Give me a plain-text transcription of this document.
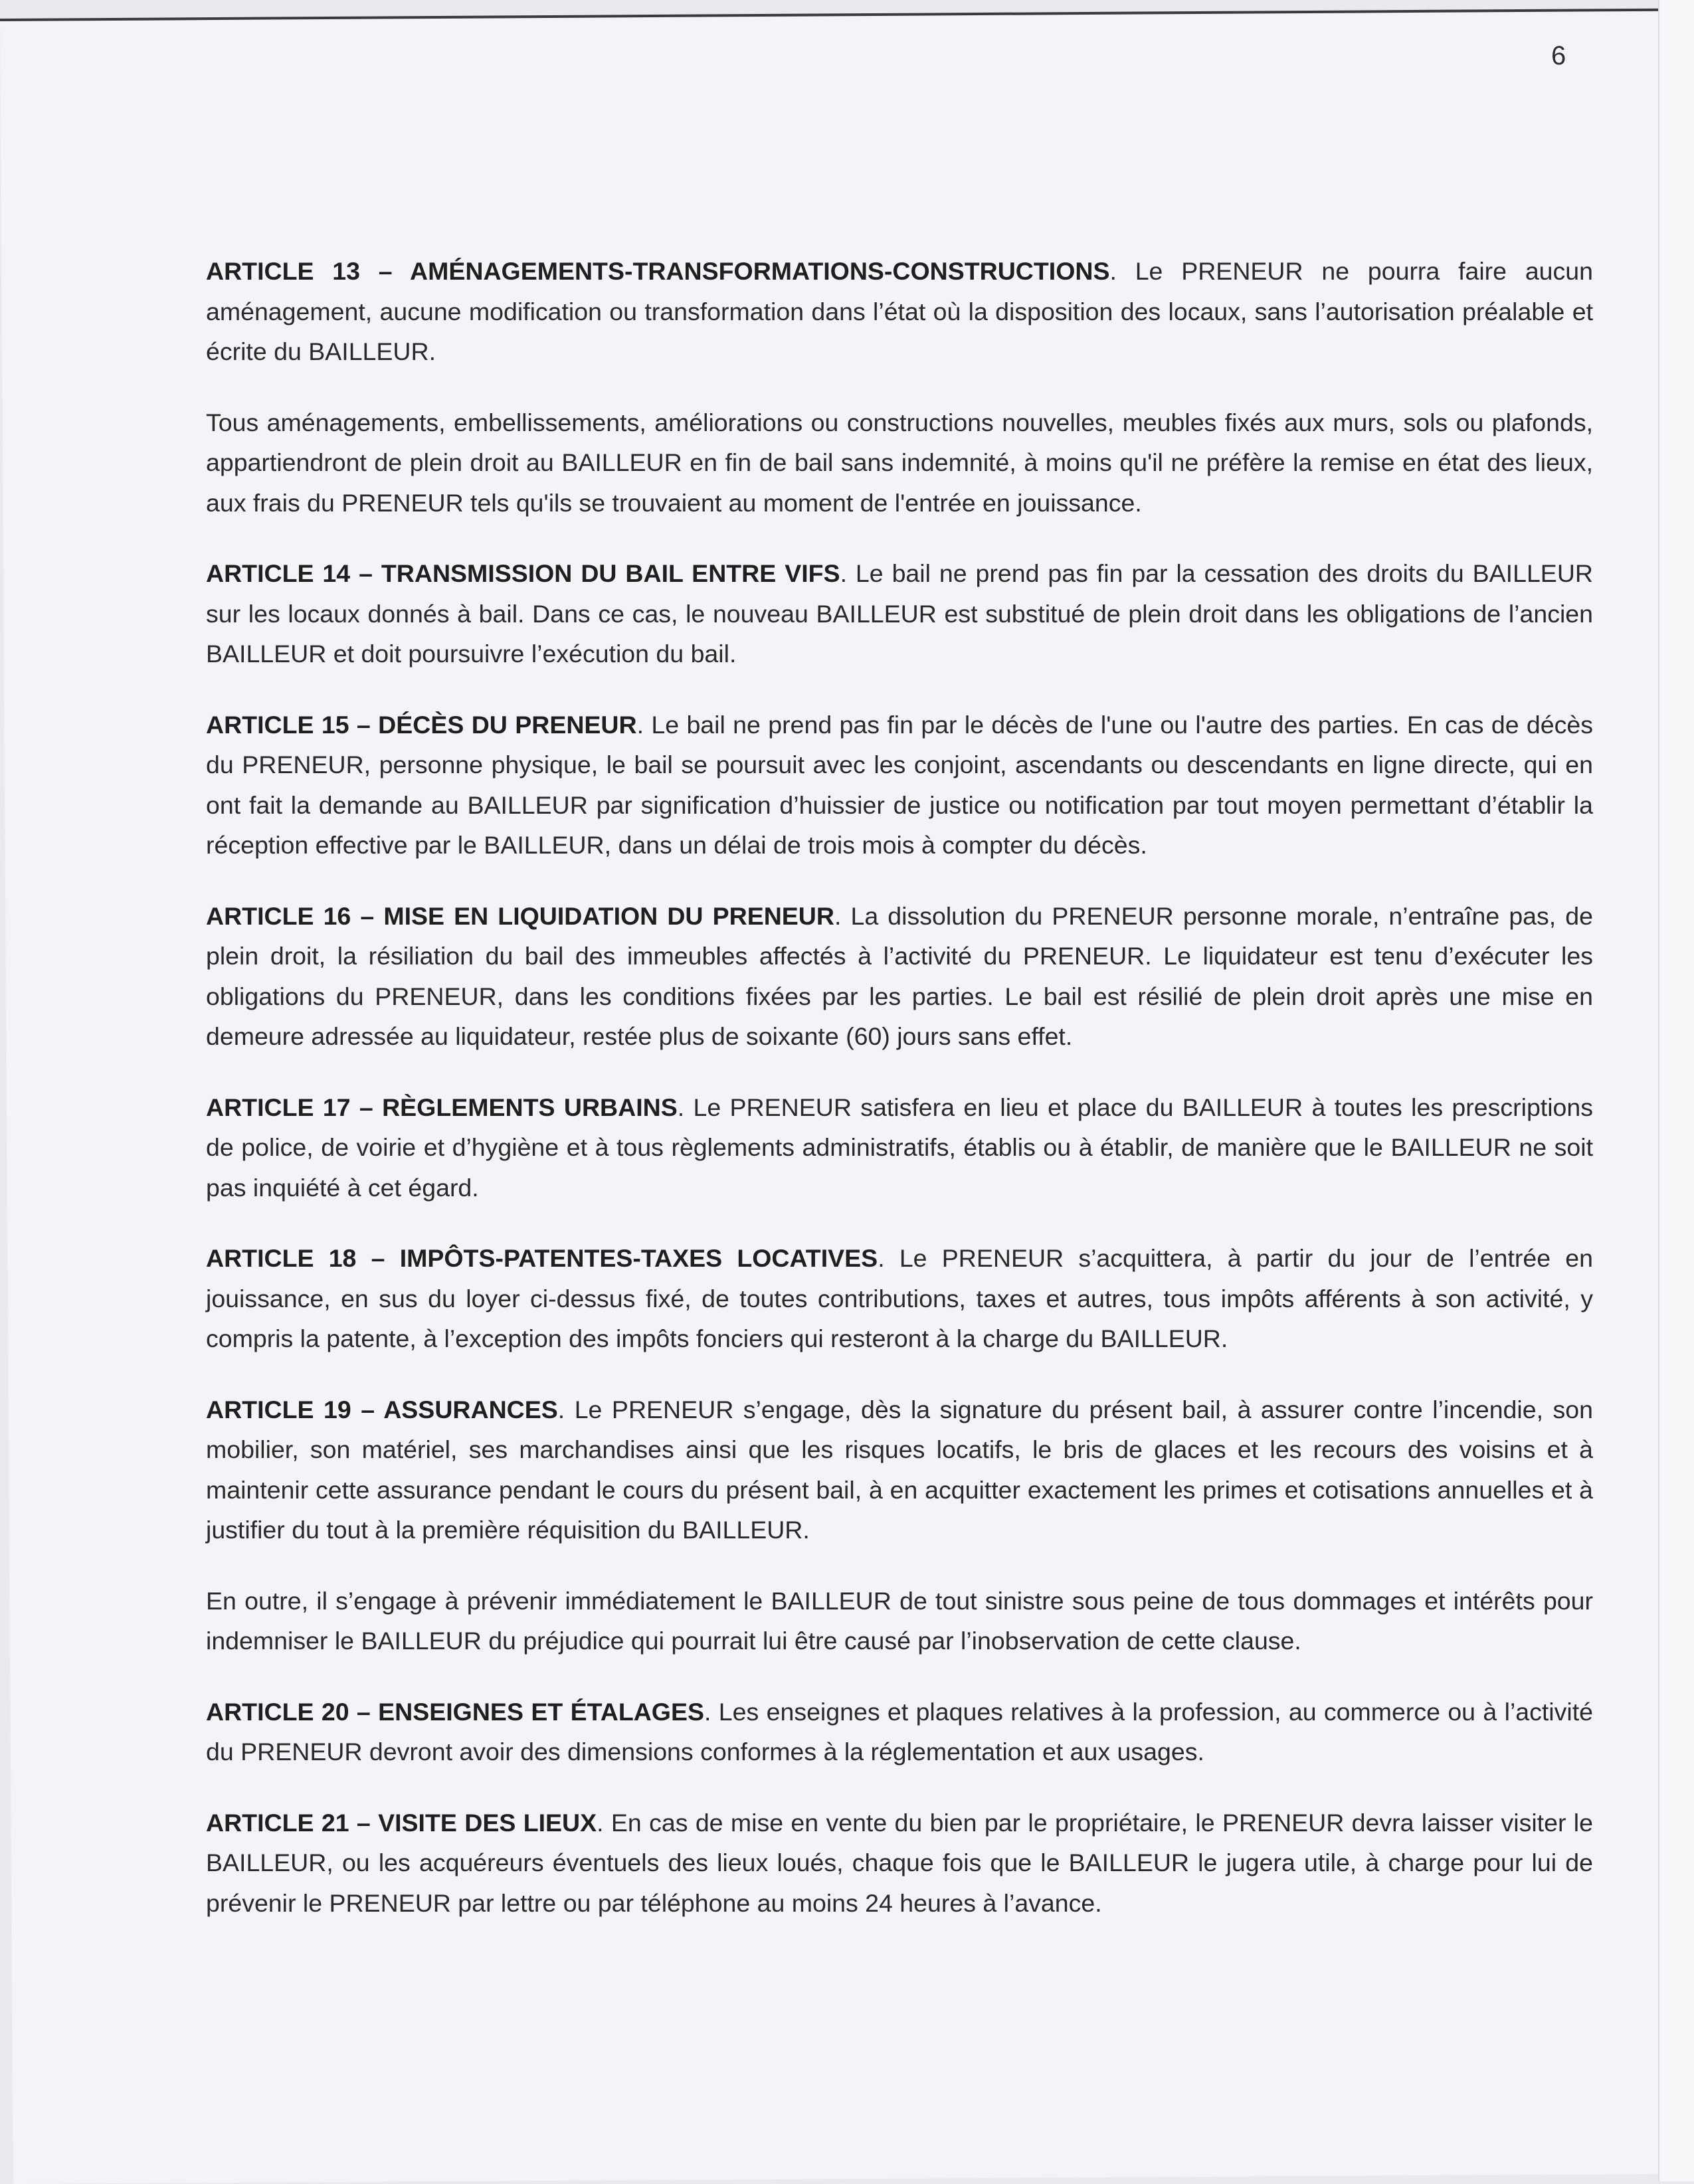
6

ARTICLE 13 – AMÉNAGEMENTS-TRANSFORMATIONS-CONSTRUCTIONS. Le PRENEUR ne pourra faire aucun aménagement, aucune modification ou transformation dans l’état où la disposition des locaux, sans l’autorisation préalable et écrite du BAILLEUR.

Tous aménagements, embellissements, améliorations ou constructions nouvelles, meubles fixés aux murs, sols ou plafonds, appartiendront de plein droit au BAILLEUR en fin de bail sans indemnité, à moins qu'il ne préfère la remise en état des lieux, aux frais du PRENEUR tels qu'ils se trouvaient au moment de l'entrée en jouissance.

ARTICLE 14 – TRANSMISSION DU BAIL ENTRE VIFS. Le bail ne prend pas fin par la cessation des droits du BAILLEUR sur les locaux donnés à bail. Dans ce cas, le nouveau BAILLEUR est substitué de plein droit dans les obligations de l’ancien BAILLEUR et doit poursuivre l’exécution du bail.

ARTICLE 15 – DÉCÈS DU PRENEUR. Le bail ne prend pas fin par le décès de l'une ou l'autre des parties. En cas de décès du PRENEUR, personne physique, le bail se poursuit avec les conjoint, ascendants ou descendants en ligne directe, qui en ont fait la demande au BAILLEUR par signification d’huissier de justice ou notification par tout moyen permettant d’établir la réception effective par le BAILLEUR, dans un délai de trois mois à compter du décès.

ARTICLE 16 – MISE EN LIQUIDATION DU PRENEUR. La dissolution du PRENEUR personne morale, n’entraîne pas, de plein droit, la résiliation du bail des immeubles affectés à l’activité du PRENEUR. Le liquidateur est tenu d’exécuter les obligations du PRENEUR, dans les conditions fixées par les parties. Le bail est résilié de plein droit après une mise en demeure adressée au liquidateur, restée plus de soixante (60) jours sans effet.

ARTICLE 17 – RÈGLEMENTS URBAINS. Le PRENEUR satisfera en lieu et place du BAILLEUR à toutes les prescriptions de police, de voirie et d’hygiène et à tous règlements administratifs, établis ou à établir, de manière que le BAILLEUR ne soit pas inquiété à cet égard.

ARTICLE 18 – IMPÔTS-PATENTES-TAXES LOCATIVES. Le PRENEUR s’acquittera, à partir du jour de l’entrée en jouissance, en sus du loyer ci-dessus fixé, de toutes contributions, taxes et autres, tous impôts afférents à son activité, y compris la patente, à l’exception des impôts fonciers qui resteront à la charge du BAILLEUR.

ARTICLE 19 – ASSURANCES. Le PRENEUR s’engage, dès la signature du présent bail, à assurer contre l’incendie, son mobilier, son matériel, ses marchandises ainsi que les risques locatifs, le bris de glaces et les recours des voisins et à maintenir cette assurance pendant le cours du présent bail, à en acquitter exactement les primes et cotisations annuelles et à justifier du tout à la première réquisition du BAILLEUR.

En outre, il s’engage à prévenir immédiatement le BAILLEUR de tout sinistre sous peine de tous dommages et intérêts pour indemniser le BAILLEUR du préjudice qui pourrait lui être causé par l’inobservation de cette clause.

ARTICLE 20 – ENSEIGNES ET ÉTALAGES. Les enseignes et plaques relatives à la profession, au commerce ou à l’activité du PRENEUR devront avoir des dimensions conformes à la réglementation et aux usages.

ARTICLE 21 – VISITE DES LIEUX. En cas de mise en vente du bien par le propriétaire, le PRENEUR devra laisser visiter le BAILLEUR, ou les acquéreurs éventuels des lieux loués, chaque fois que le BAILLEUR le jugera utile, à charge pour lui de prévenir le PRENEUR par lettre ou par téléphone au moins 24 heures à l’avance.
